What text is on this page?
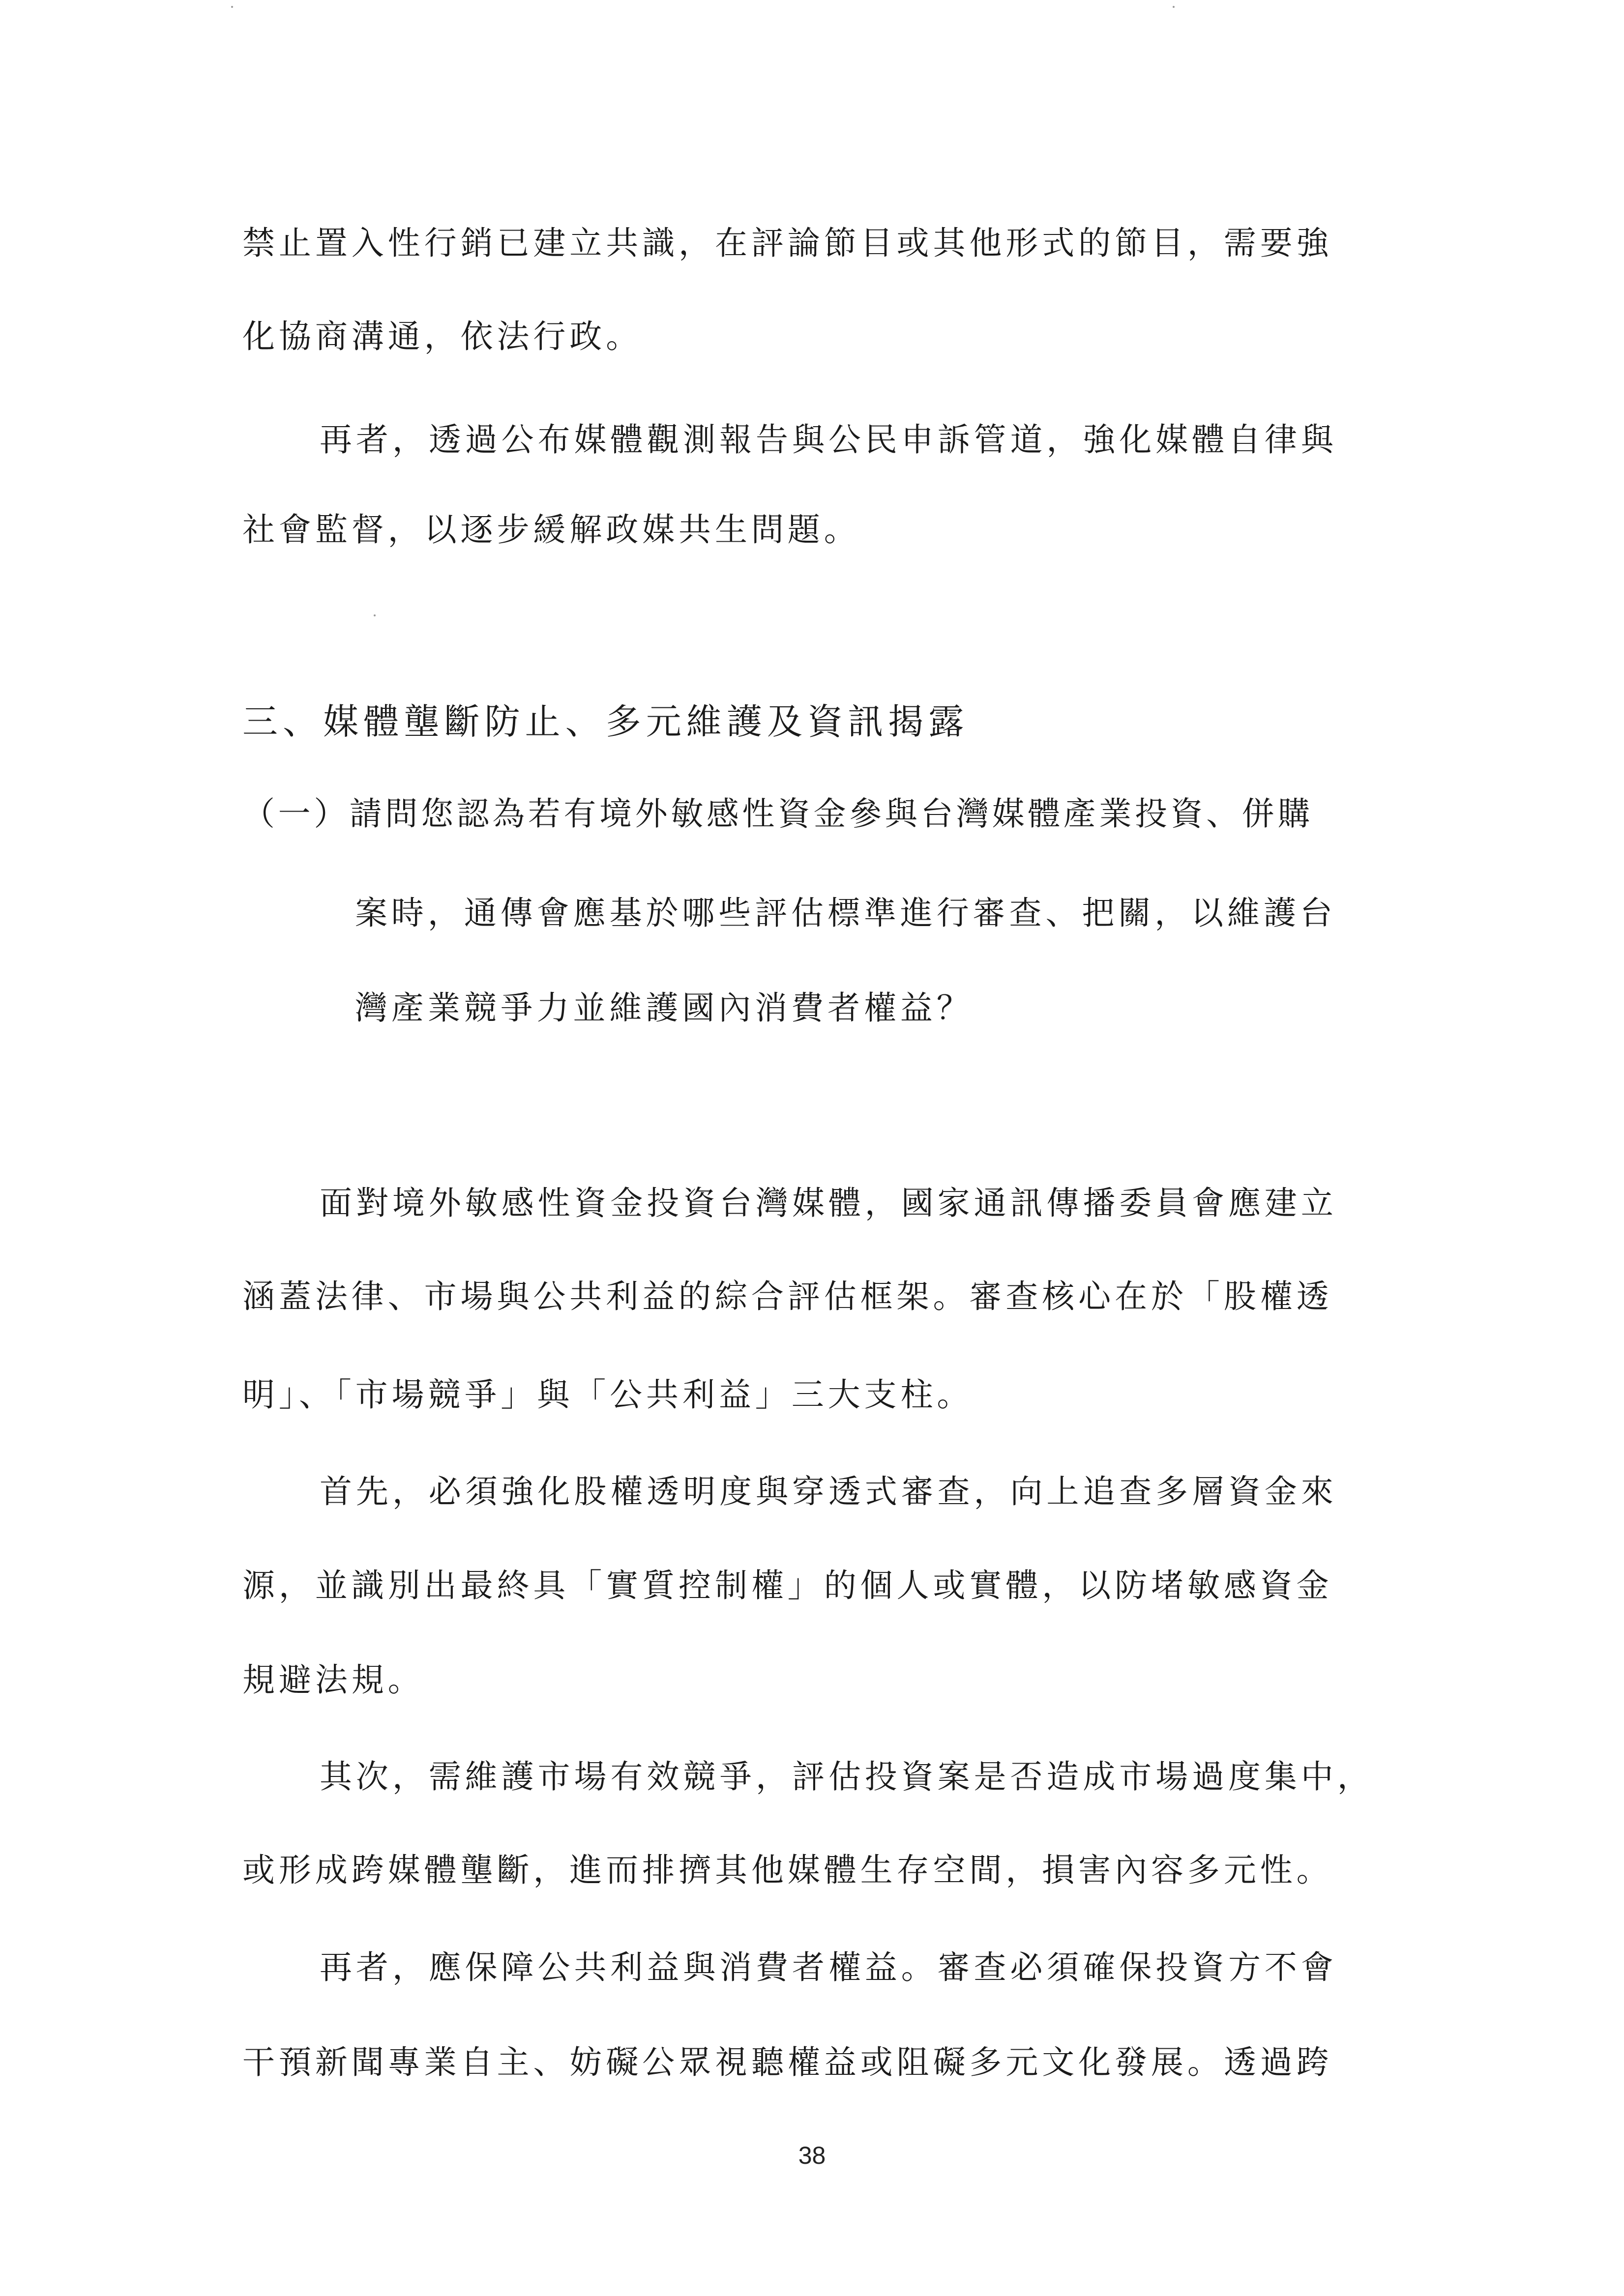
禁止置入性行銷已建立共識，在評論節目或其他形式的節目，需要強
化協商溝通，依法行政。
再者，透過公布媒體觀測報告與公民申訴管道，強化媒體自律與
社會監督，以逐步緩解政媒共生問題。
三、媒體壟斷防止、多元維護及資訊揭露
（一）請問您認為若有境外敏感性資金參與台灣媒體產業投資、併購
案時，通傳會應基於哪些評估標準進行審查、把關，以維護台
灣產業競爭力並維護國內消費者權益？
面對境外敏感性資金投資台灣媒體，國家通訊傳播委員會應建立
涵蓋法律、市場與公共利益的綜合評估框架。審查核心在於「股權透
明」、「市場競爭」與「公共利益」三大支柱。
首先，必須強化股權透明度與穿透式審查，向上追查多層資金來
源，並識別出最終具「實質控制權」的個人或實體，以防堵敏感資金
規避法規。
其次，需維護市場有效競爭，評估投資案是否造成市場過度集中，
或形成跨媒體壟斷，進而排擠其他媒體生存空間，損害內容多元性。
再者，應保障公共利益與消費者權益。審查必須確保投資方不會
干預新聞專業自主、妨礙公眾視聽權益或阻礙多元文化發展。透過跨
38
